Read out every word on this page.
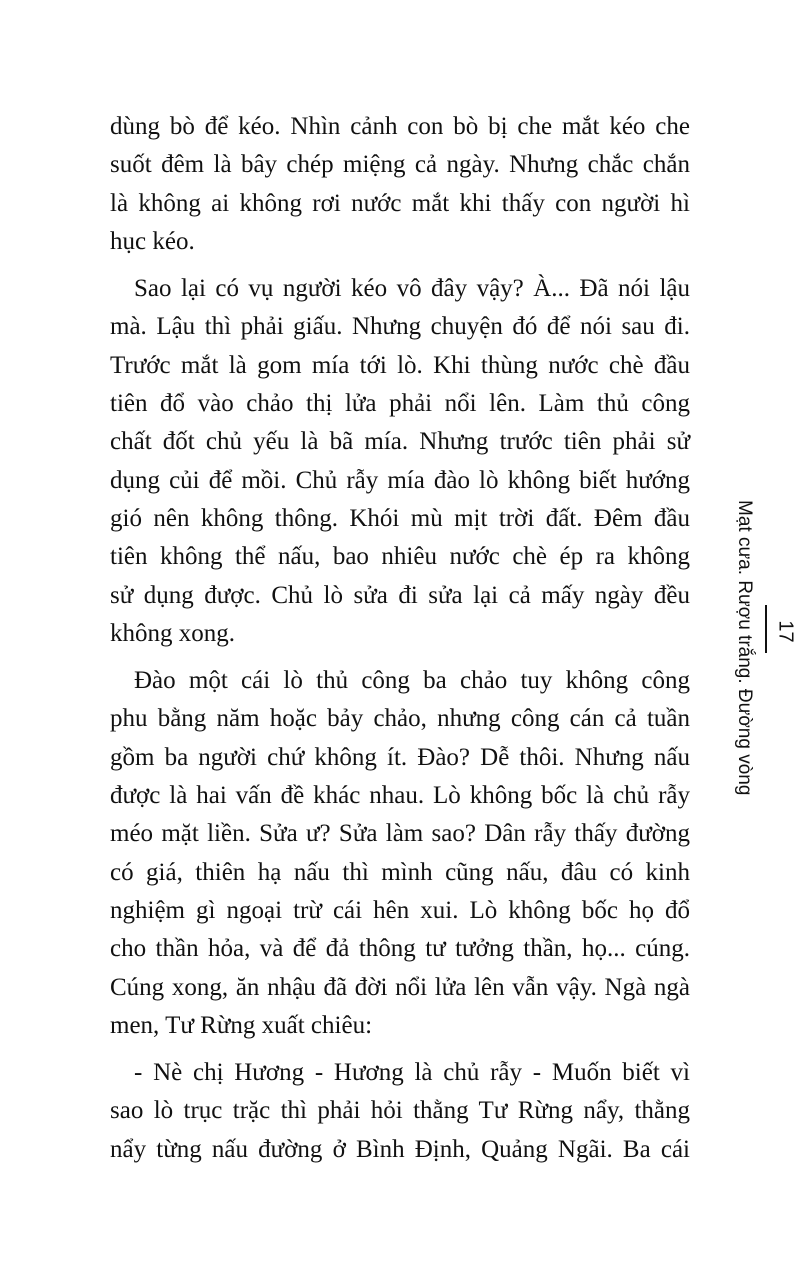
dùng bò để kéo. Nhìn cảnh con bò bị che mắt kéo che
suốt đêm là bây chép miệng cả ngày. Nhưng chắc chắn
là không ai không rơi nước mắt khi thấy con người hì
hục kéo.
Sao lại có vụ người kéo vô đây vậy? À... Đã nói lậu
mà. Lậu thì phải giấu. Nhưng chuyện đó để nói sau đi.
Trước mắt là gom mía tới lò. Khi thùng nước chè đầu
tiên đổ vào chảo thị lửa phải nổi lên. Làm thủ công
chất đốt chủ yếu là bã mía. Nhưng trước tiên phải sử
dụng củi để mồi. Chủ rẫy mía đào lò không biết hướng
gió nên không thông. Khói mù mịt trời đất. Đêm đầu
tiên không thể nấu, bao nhiêu nước chè ép ra không
sử dụng được. Chủ lò sửa đi sửa lại cả mấy ngày đều
không xong.
Đào một cái lò thủ công ba chảo tuy không công
phu bằng năm hoặc bảy chảo, nhưng công cán cả tuần
gồm ba người chứ không ít. Đào? Dễ thôi. Nhưng nấu
được là hai vấn đề khác nhau. Lò không bốc là chủ rẫy
méo mặt liền. Sửa ư? Sửa làm sao? Dân rẫy thấy đường
có giá, thiên hạ nấu thì mình cũng nấu, đâu có kinh
nghiệm gì ngoại trừ cái hên xui. Lò không bốc họ đổ
cho thần hỏa, và để đả thông tư tưởng thần, họ... cúng.
Cúng xong, ăn nhậu đã đời nổi lửa lên vẫn vậy. Ngà ngà
men, Tư Rừng xuất chiêu:
- Nè chị Hương - Hương là chủ rẫy - Muốn biết vì
sao lò trục trặc thì phải hỏi thằng Tư Rừng nẩy, thằng
nẩy từng nấu đường ở Bình Định, Quảng Ngãi. Ba cái
Mạt cưa. Rượu trắng. Đường vòng 17
